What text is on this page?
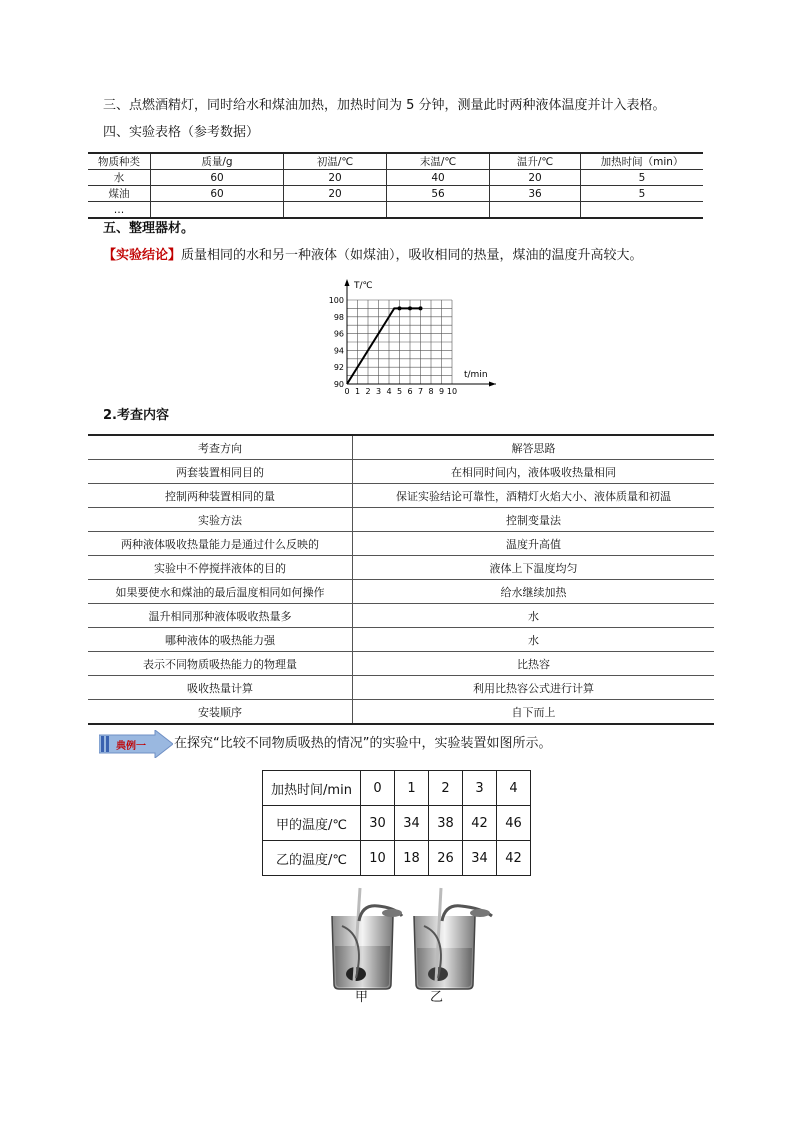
三、点燃酒精灯，同时给水和煤油加热，加热时间为 5 分钟，测量此时两种液体温度并计入表格。
四、实验表格（参考数据）
物质种类	质量/g	初温/℃	末温/℃	温升/℃	加热时间（min）
水	60	20	40	20	5
煤油	60	20	56	36	5
…					
五、整理器材。
【实验结论】质量相同的水和另一种液体（如煤油），吸收相同的热量，煤油的温度升高较大。
0 1 2 3 4 5 6 7 8 9 10
90
92
94
96
98
100
T/℃
t/min
2.考查内容
考查方向	解答思路
两套装置相同目的	在相同时间内，液体吸收热量相同
控制两种装置相同的量	保证实验结论可靠性，酒精灯火焰大小、液体质量和初温
实验方法	控制变量法
两种液体吸收热量能力是通过什么反映的	温度升高值
实验中不停搅拌液体的目的	液体上下温度均匀
如果要使水和煤油的最后温度相同如何操作	给水继续加热
温升相同那种液体吸收热量多	水
哪种液体的吸热能力强	水
表示不同物质吸热能力的物理量	比热容
吸收热量计算	利用比热容公式进行计算
安装顺序	自下而上
典例一 在探究“比较不同物质吸热的情况”的实验中，实验装置如图所示。
加热时间/min	0	1	2	3	4
甲的温度/℃	30	34	38	42	46
乙的温度/℃	10	18	26	34	42
甲	乙
